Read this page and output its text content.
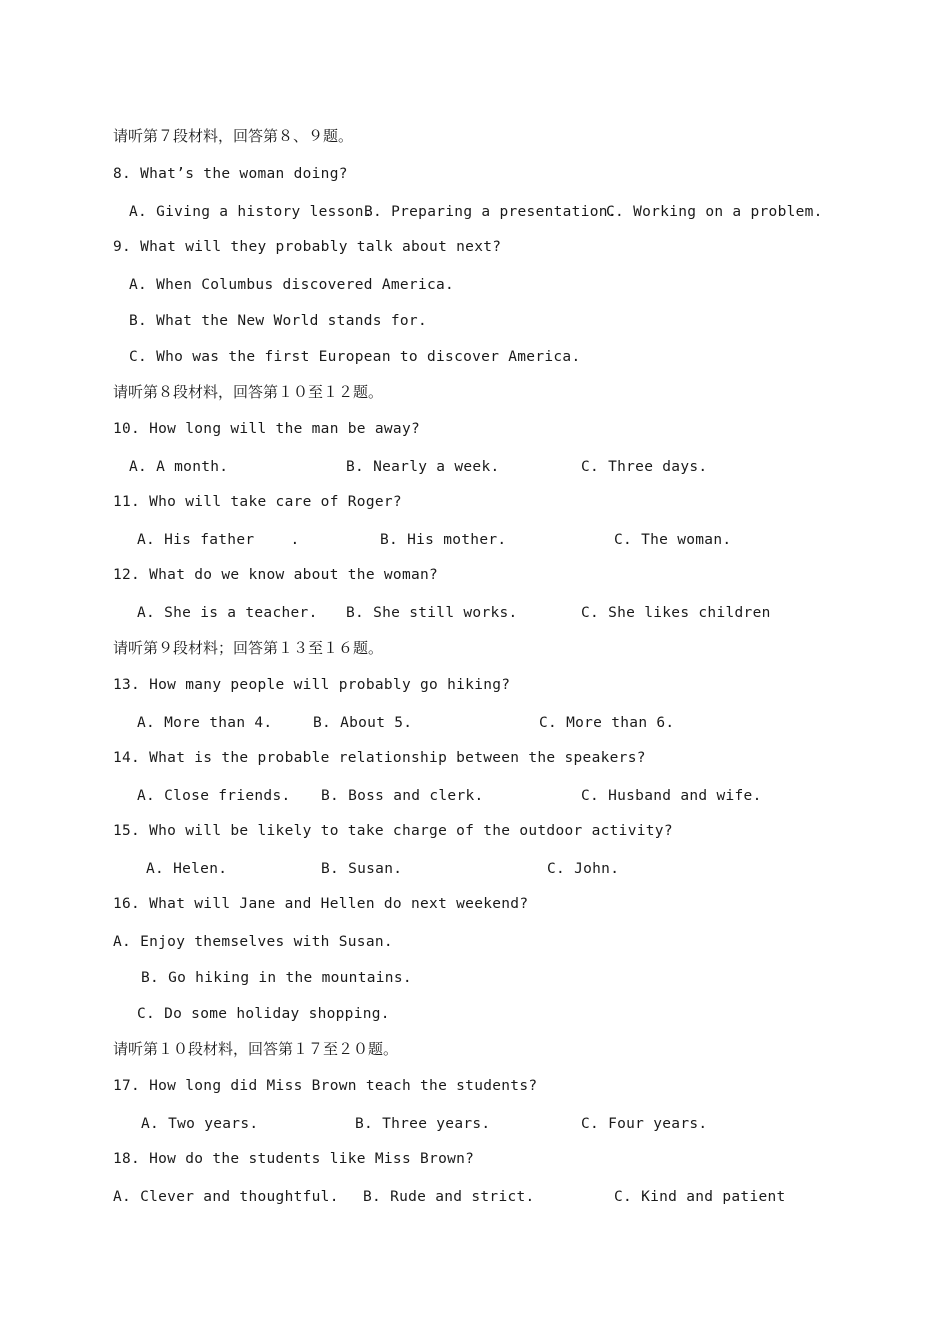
请听第７段材料，回答第８、９题。
8. What’s the woman doing?
A. Giving a history lesson.
B. Preparing a presentation.
C. Working on a problem.
9. What will they probably talk about next?
A. When Columbus discovered America.
B. What the New World stands for.
C. Who was the first European to discover America.
请听第８段材料，回答第１０至１２题。
10. How long will the man be away?
A. A month.	B. Nearly a week.	C. Three days.
11. Who will take care of Roger?
A. His father    .	B. His mother.	C. The woman.
12. What do we know about the woman?
A. She is a teacher. B. She still works.	C. She likes children
请听第９段材料；回答第１３至１６题。
13. How many people will probably go hiking?
A. More than 4.	B. About 5.	C. More than 6.
14. What is the probable relationship between the speakers?
A. Close friends. B. Boss and clerk.	C. Husband and wife.
15. Who will be likely to take charge of the outdoor activity?
A. Helen.	B. Susan.	C. John.
16. What will Jane and Hellen do next weekend?
A. Enjoy themselves with Susan.
B. Go hiking in the mountains.
C. Do some holiday shopping.
请听第１０段材料，回答第１７至２０题。
17. How long did Miss Brown teach the students?
A. Two years.	B. Three years.	C. Four years.
18. How do the students like Miss Brown?
A. Clever and thoughtful. B. Rude and strict.	C. Kind and patient
